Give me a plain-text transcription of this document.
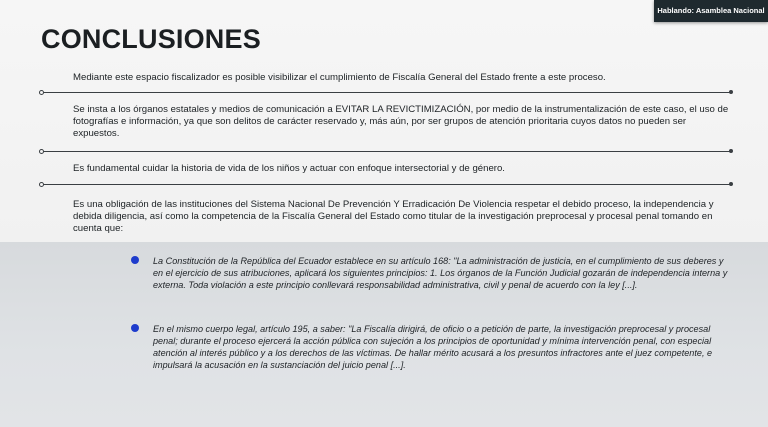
Hablando: Asamblea Nacional
CONCLUSIONES

Mediante este espacio fiscalizador es posible visibilizar el cumplimiento de Fiscalía General del Estado frente a este proceso.

Se insta a los órganos estatales y medios de comunicación a EVITAR LA REVICTIMIZACIÓN, por medio de la instrumentalización de este caso, el uso de fotografías e información, ya que son delitos de carácter reservado y, más aún, por ser grupos de atención prioritaria cuyos datos no pueden ser expuestos.

Es fundamental cuidar la historia de vida de los niños y actuar con enfoque intersectorial y de género.

Es una obligación de las instituciones del Sistema Nacional De Prevención Y Erradicación De Violencia respetar el debido proceso, la independencia y debida diligencia, así como la competencia de la Fiscalía General del Estado como titular de la investigación preprocesal y procesal penal tomando en cuenta que:

La Constitución de la República del Ecuador establece en su artículo 168: "La administración de justicia, en el cumplimiento de sus deberes y en el ejercicio de sus atribuciones, aplicará los siguientes principios: 1. Los órganos de la Función Judicial gozarán de independencia interna y externa. Toda violación a este principio conllevará responsabilidad administrativa, civil y penal de acuerdo con la ley [...].

En el mismo cuerpo legal, artículo 195, a saber: "La Fiscalía dirigirá, de oficio o a petición de parte, la investigación preprocesal y procesal penal; durante el proceso ejercerá la acción pública con sujeción a los principios de oportunidad y mínima intervención penal, con especial atención al interés público y a los derechos de las víctimas. De hallar mérito acusará a los presuntos infractores ante el juez competente, e impulsará la acusación en la sustanciación del juicio penal [...].
